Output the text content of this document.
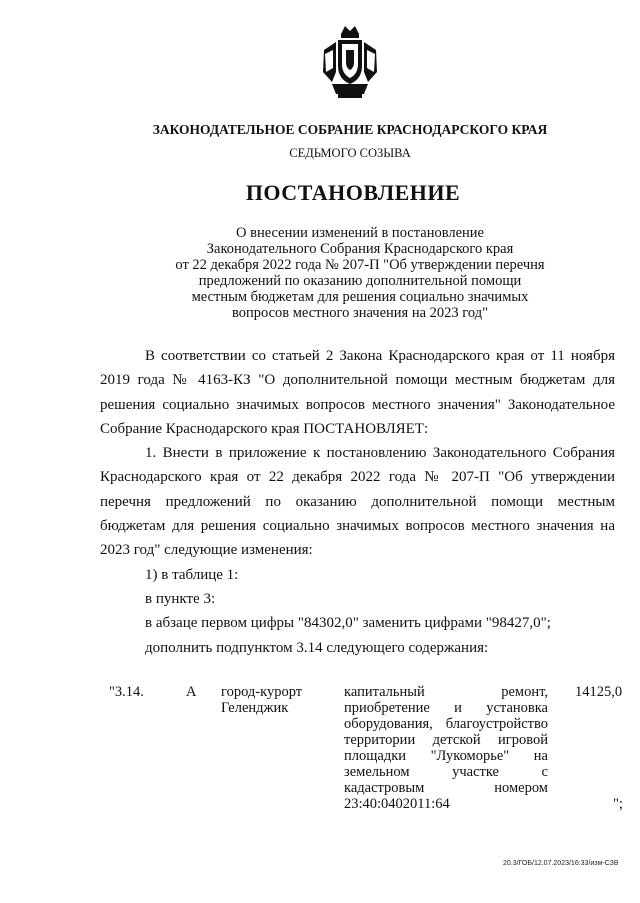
ЗАКОНОДАТЕЛЬНОЕ СОБРАНИЕ КРАСНОДАРСКОГО КРАЯ
СЕДЬМОГО СОЗЫВА
ПОСТАНОВЛЕНИЕ
О внесении изменений в постановление
Законодательного Собрания Краснодарского края
от 22 декабря 2022 года № 207-П "Об утверждении перечня
предложений по оказанию дополнительной помощи
местным бюджетам для решения социально значимых
вопросов местного значения на 2023 год"

В соответствии со статьей 2 Закона Краснодарского края от 11 ноября 2019 года № 4163-КЗ "О дополнительной помощи местным бюджетам для решения социально значимых вопросов местного значения" Законодательное Собрание Краснодарского края ПОСТАНОВЛЯЕТ:

1. Внести в приложение к постановлению Законодательного Собрания Краснодарского края от 22 декабря 2022 года № 207-П "Об утверждении перечня предложений по оказанию дополнительной помощи местным бюджетам для решения социально значимых вопросов местного значения на 2023 год" следующие изменения:

1) в таблице 1:

в пункте 3:

в абзаце первом цифры "84302,0" заменить цифрами "98427,0";

дополнить подпунктом 3.14 следующего содержания:

"3.14.	А город-курорт Геленджик
капитальный ремонт, приобретение и установка оборудования, благоустройство территории детской игровой площадки "Лукоморье" на земельном участке с кадастровым номером 23:40:0402011:64
14125,0
";
20.3/ГОБ/12.07.2023/16:33/изм-СЗВ
